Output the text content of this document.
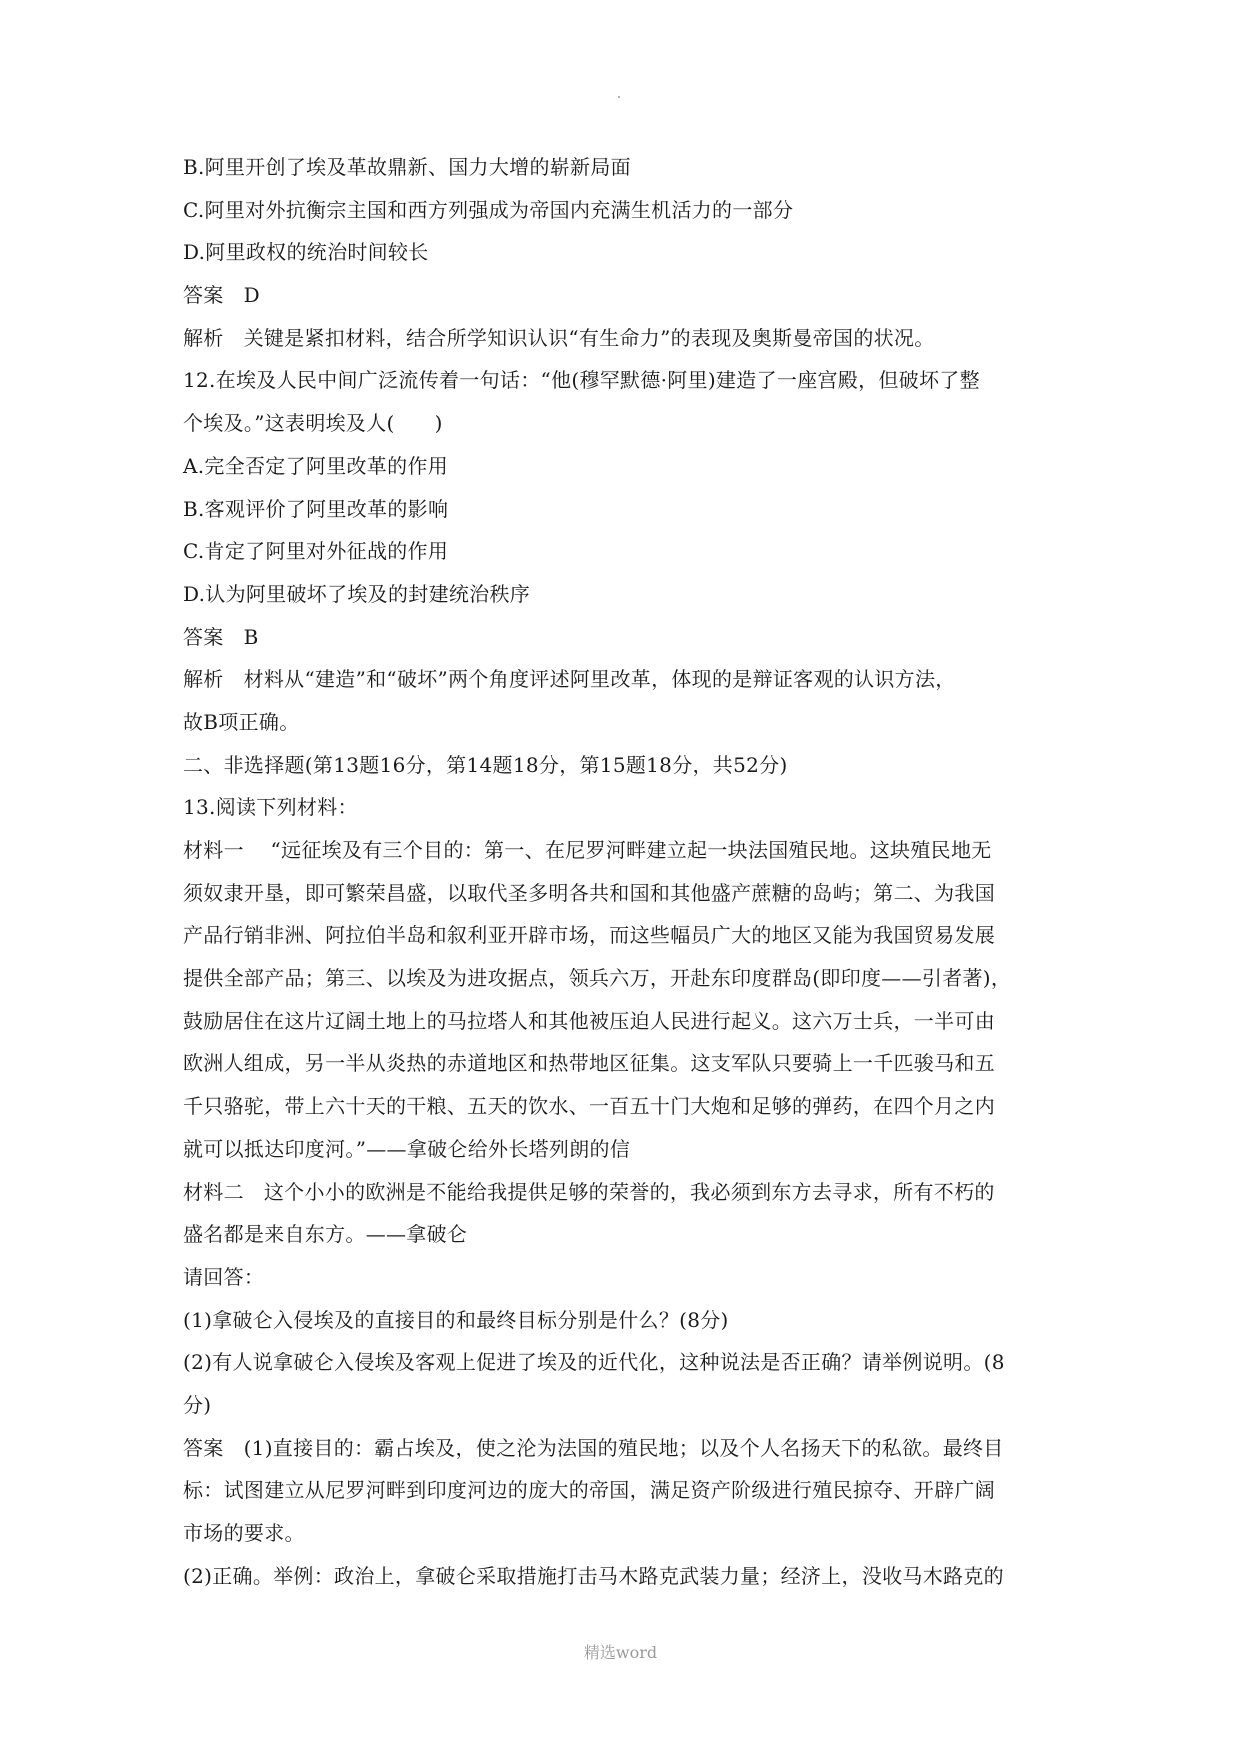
B.阿里开创了埃及革故鼎新、国力大增的崭新局面
C.阿里对外抗衡宗主国和西方列强成为帝国内充满生机活力的一部分
D.阿里政权的统治时间较长
答案   D
解析   关键是紧扣材料，结合所学知识认识“有生命力”的表现及奥斯曼帝国的状况。
12.在埃及人民中间广泛流传着一句话：“他(穆罕默德·阿里)建造了一座宫殿，但破坏了整
个埃及。”这表明埃及人(      )
A.完全否定了阿里改革的作用
B.客观评价了阿里改革的影响
C.肯定了阿里对外征战的作用
D.认为阿里破坏了埃及的封建统治秩序
答案   B
解析   材料从“建造”和“破坏”两个角度评述阿里改革，体现的是辩证客观的认识方法，
故B项正确。
二、非选择题(第13题16分，第14题18分，第15题18分，共52分)
13.阅读下列材料：
材料一    “远征埃及有三个目的：第一、在尼罗河畔建立起一块法国殖民地。这块殖民地无
须奴隶开垦，即可繁荣昌盛，以取代圣多明各共和国和其他盛产蔗糖的岛屿；第二、为我国
产品行销非洲、阿拉伯半岛和叙利亚开辟市场，而这些幅员广大的地区又能为我国贸易发展
提供全部产品；第三、以埃及为进攻据点，领兵六万，开赴东印度群岛(即印度——引者著)，
鼓励居住在这片辽阔土地上的马拉塔人和其他被压迫人民进行起义。这六万士兵，一半可由
欧洲人组成，另一半从炎热的赤道地区和热带地区征集。这支军队只要骑上一千匹骏马和五
千只骆驼，带上六十天的干粮、五天的饮水、一百五十门大炮和足够的弹药，在四个月之内
就可以抵达印度河。”——拿破仑给外长塔列朗的信
材料二   这个小小的欧洲是不能给我提供足够的荣誉的，我必须到东方去寻求，所有不朽的
盛名都是来自东方。——拿破仑
请回答：
(1)拿破仑入侵埃及的直接目的和最终目标分别是什么？(8分)
(2)有人说拿破仑入侵埃及客观上促进了埃及的近代化，这种说法是否正确？请举例说明。(8
分)
答案   (1)直接目的：霸占埃及，使之沦为法国的殖民地；以及个人名扬天下的私欲。最终目
标：试图建立从尼罗河畔到印度河边的庞大的帝国，满足资产阶级进行殖民掠夺、开辟广阔
市场的要求。
(2)正确。举例：政治上，拿破仑采取措施打击马木路克武装力量；经济上，没收马木路克的
精选word
